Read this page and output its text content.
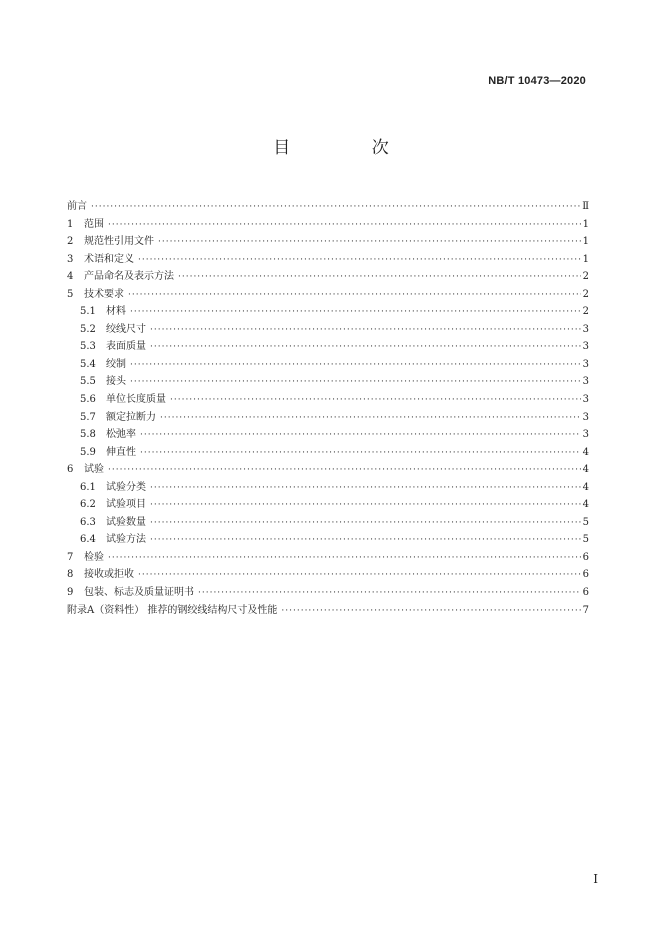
NB/T 10473—2020
目 次
前言 ·····	Ⅱ
1 范围 ·····	1
2 规范性引用文件 ·····	1
3 术语和定义 ·····	1
4 产品命名及表示方法 ·····	2
5 技术要求 ·····	2
5.1 材料 ·····	2
5.2 绞线尺寸 ·····	3
5.3 表面质量 ·····	3
5.4 绞制 ·····	3
5.5 接头 ·····	3
5.6 单位长度质量 ·····	3
5.7 额定拉断力 ·····	3
5.8 松弛率 ·····	3
5.9 伸直性 ·····	4
6 试验 ·····	4
6.1 试验分类 ·····	4
6.2 试验项目 ·····	4
6.3 试验数量 ·····	5
6.4 试验方法 ·····	5
7 检验 ·····	6
8 接收或拒收 ·····	6
9 包装、标志及质量证明书 ·····	6
附录A（资料性） 推荐的钢绞线结构尺寸及性能 ·····	7
I
